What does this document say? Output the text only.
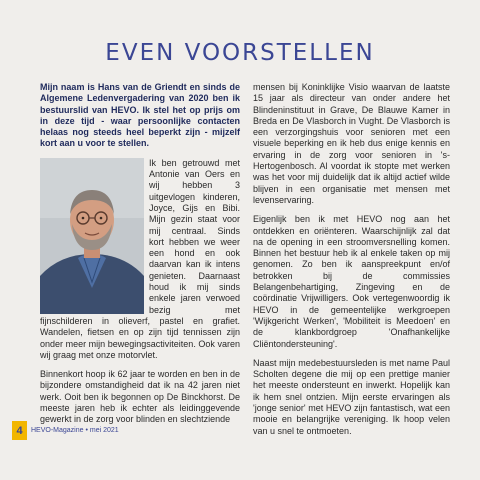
EVEN VOORSTELLEN

Mijn naam is Hans van de Griendt en sinds de Algemene Ledenvergadering van 2020 ben ik bestuurslid van HEVO. Ik stel het op prijs om in deze tijd - waar persoonlijke contacten helaas nog steeds heel beperkt zijn - mijzelf kort aan u voor te stellen.

Ik ben getrouwd met Antonie van Oers en wij hebben 3 uitgevlogen kinderen, Joyce, Gijs en Bibi. Mijn gezin staat voor mij centraal. Sinds kort hebben we weer een hond en ook daarvan kan ik intens genieten. Daarnaast houd ik mij sinds enkele jaren verwoed bezig met fijnschilderen in olieverf, pastel en grafiet. Wandelen, fietsen en op zijn tijd tennissen zijn onder meer mijn bewegingsactiviteiten. Ook varen wij graag met onze motorvlet.

Binnenkort hoop ik 62 jaar te worden en ben in de bijzondere omstandigheid dat ik na 42 jaren niet werk. Ooit ben ik begonnen op De Binckhorst. De meeste jaren heb ik echter als leidinggevende gewerkt in de zorg voor blinden en slechtziende

mensen bij Koninklijke Visio waarvan de laatste 15 jaar als directeur van onder andere het Blindeninstituut in Grave, De Blauwe Kamer in Breda en De Vlasborch in Vught. De Vlasborch is een verzorgingshuis voor senioren met een visuele beperking en ik heb dus enige kennis en ervaring in de zorg voor senioren in 's-Hertogenbosch. Al voordat ik stopte met werken was het voor mij duidelijk dat ik altijd actief wilde blijven in een organisatie met mensen met levenservaring.

Eigenlijk ben ik met HEVO nog aan het ontdekken en oriënteren. Waarschijnlijk zal dat na de opening in een stroomversnelling komen. Binnen het bestuur heb ik al enkele taken op mij genomen. Zo ben ik aanspreekpunt en/of betrokken bij de commissies Belangenbehartiging, Zingeving en de coördinatie Vrijwilligers. Ook vertegenwoordig ik HEVO in de gemeentelijke werkgroepen 'Wijkgericht Werken', 'Mobiliteit is Meedoen' en de klankbordgroep 'Onafhankelijke Cliëntondersteuning'.

Naast mijn medebestuursleden is met name Paul Scholten degene die mij op een prettige manier het meeste ondersteunt en inwerkt. Hopelijk kan ik hem snel ontzien. Mijn eerste ervaringen als 'jonge senior' met HEVO zijn fantastisch, wat een mooie en belangrijke vereniging. Ik hoop velen van u snel te ontmoeten.

4	HEVO-Magazine • mei 2021
